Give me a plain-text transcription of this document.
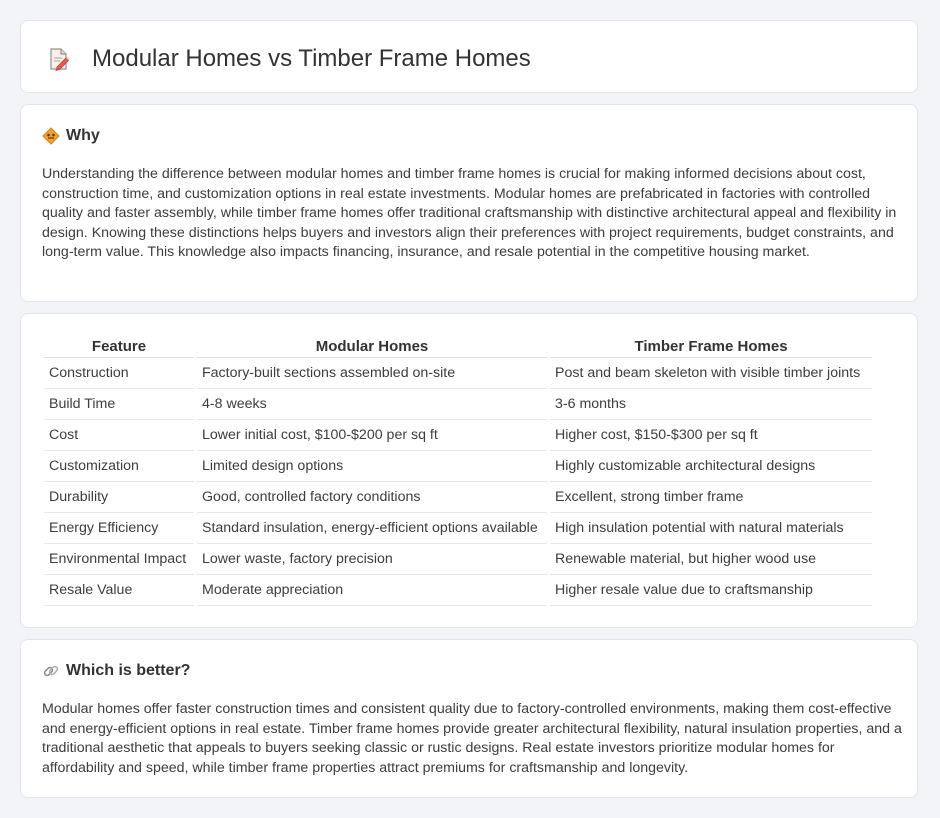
Modular Homes vs Timber Frame Homes
Why

Understanding the difference between modular homes and timber frame homes is crucial for making informed decisions about cost, construction time, and customization options in real estate investments. Modular homes are prefabricated in factories with controlled quality and faster assembly, while timber frame homes offer traditional craftsmanship with distinctive architectural appeal and flexibility in design. Knowing these distinctions helps buyers and investors align their preferences with project requirements, budget constraints, and long-term value. This knowledge also impacts financing, insurance, and resale potential in the competitive housing market.

Feature	Modular Homes	Timber Frame Homes
Construction	Factory-built sections assembled on-site	Post and beam skeleton with visible timber joints
Build Time	4-8 weeks	3-6 months
Cost	Lower initial cost, $100-$200 per sq ft	Higher cost, $150-$300 per sq ft
Customization	Limited design options	Highly customizable architectural designs
Durability	Good, controlled factory conditions	Excellent, strong timber frame
Energy Efficiency	Standard insulation, energy-efficient options available	High insulation potential with natural materials
Environmental Impact	Lower waste, factory precision	Renewable material, but higher wood use
Resale Value	Moderate appreciation	Higher resale value due to craftsmanship
Which is better?

Modular homes offer faster construction times and consistent quality due to factory-controlled environments, making them cost-effective and energy-efficient options in real estate. Timber frame homes provide greater architectural flexibility, natural insulation properties, and a traditional aesthetic that appeals to buyers seeking classic or rustic designs. Real estate investors prioritize modular homes for affordability and speed, while timber frame properties attract premiums for craftsmanship and longevity.
